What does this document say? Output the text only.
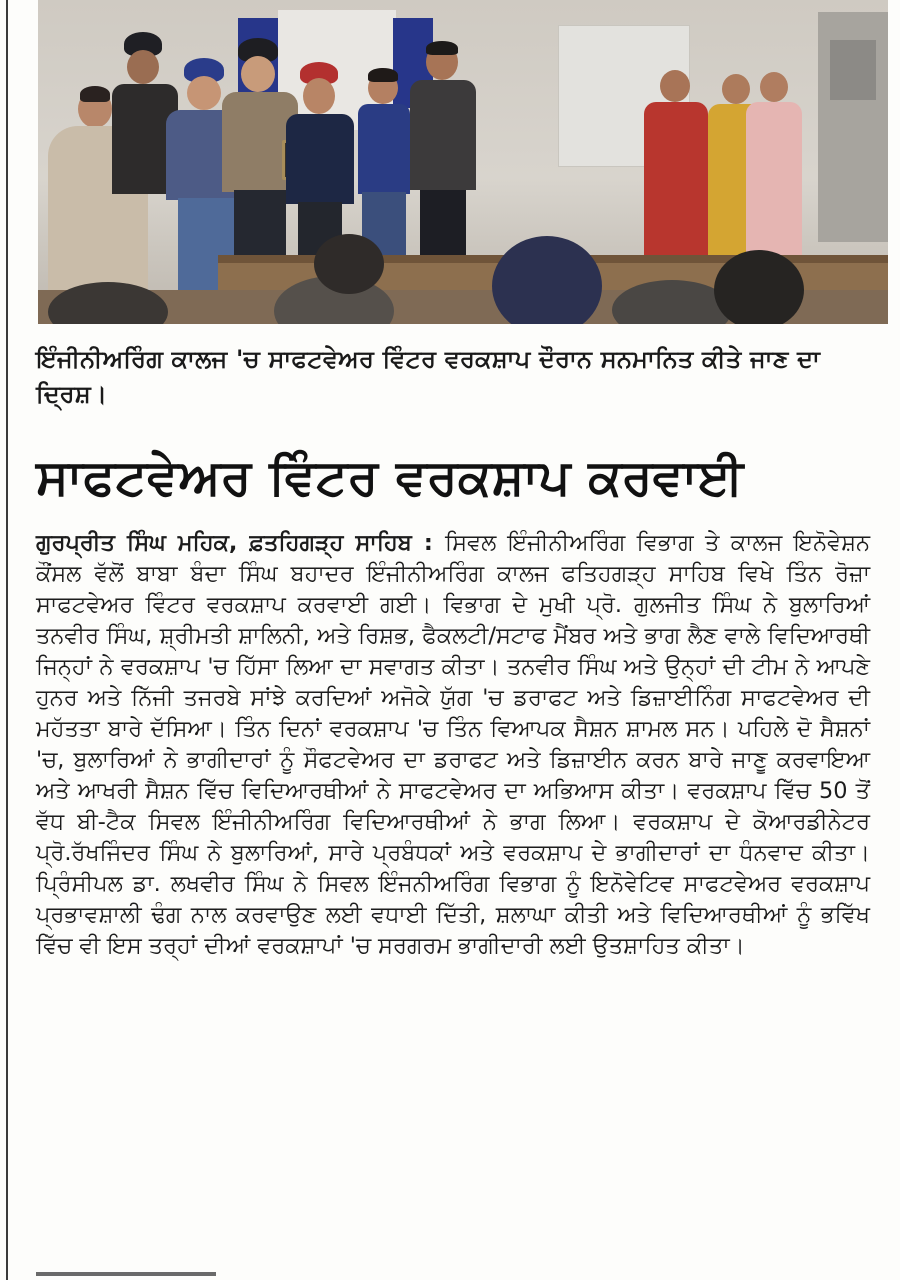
ਇੰਜੀਨੀਅਰਿੰਗ ਕਾਲਜ 'ਚ ਸਾਫਟਵੇਅਰ ਵਿੰਟਰ ਵਰਕਸ਼ਾਪ ਦੌਰਾਨ ਸਨਮਾਨਿਤ ਕੀਤੇ ਜਾਣ ਦਾ ਦ੍ਰਿਸ਼।
ਸਾਫਟਵੇਅਰ ਵਿੰਟਰ ਵਰਕਸ਼ਾਪ ਕਰਵਾਈ
ਗੁਰਪ੍ਰੀਤ ਸਿੰਘ ਮਹਿਕ, ਫ਼ਤਹਿਗੜ੍ਹ ਸਾਹਿਬ : ਸਿਵਲ ਇੰਜੀਨੀਅਰਿੰਗ ਵਿਭਾਗ ਤੇ ਕਾਲਜ ਇਨੋਵੇਸ਼ਨ ਕੌਂਸਲ ਵੱਲੋਂ ਬਾਬਾ ਬੰਦਾ ਸਿੰਘ ਬਹਾਦਰ ਇੰਜੀਨੀਅਰਿੰਗ ਕਾਲਜ ਫਤਿਹਗੜ੍ਹ ਸਾਹਿਬ ਵਿਖੇ ਤਿੰਨ ਰੋਜ਼ਾ ਸਾਫਟਵੇਅਰ ਵਿੰਟਰ ਵਰਕਸ਼ਾਪ ਕਰਵਾਈ ਗਈ। ਵਿਭਾਗ ਦੇ ਮੁਖੀ ਪ੍ਰੋ. ਗੁਲਜੀਤ ਸਿੰਘ ਨੇ ਬੁਲਾਰਿਆਂ ਤਨਵੀਰ ਸਿੰਘ, ਸ਼੍ਰੀਮਤੀ ਸ਼ਾਲਿਨੀ, ਅਤੇ ਰਿਸ਼ਭ, ਫੈਕਲਟੀ/ਸਟਾਫ ਮੈਂਬਰ ਅਤੇ ਭਾਗ ਲੈਣ ਵਾਲੇ ਵਿਦਿਆਰਥੀ ਜਿਨ੍ਹਾਂ ਨੇ ਵਰਕਸ਼ਾਪ 'ਚ ਹਿੱਸਾ ਲਿਆ ਦਾ ਸਵਾਗਤ ਕੀਤਾ। ਤਨਵੀਰ ਸਿੰਘ ਅਤੇ ਉਨ੍ਹਾਂ ਦੀ ਟੀਮ ਨੇ ਆਪਣੇ ਹੁਨਰ ਅਤੇ ਨਿੱਜੀ ਤਜਰਬੇ ਸਾਂਝੇ ਕਰਦਿਆਂ ਅਜੋਕੇ ਯੁੱਗ 'ਚ ਡਰਾਫਟ ਅਤੇ ਡਿਜ਼ਾਈਨਿੰਗ ਸਾਫਟਵੇਅਰ ਦੀ ਮਹੱਤਤਾ ਬਾਰੇ ਦੱਸਿਆ। ਤਿੰਨ ਦਿਨਾਂ ਵਰਕਸ਼ਾਪ 'ਚ ਤਿੰਨ ਵਿਆਪਕ ਸੈਸ਼ਨ ਸ਼ਾਮਲ ਸਨ। ਪਹਿਲੇ ਦੋ ਸੈਸ਼ਨਾਂ 'ਚ, ਬੁਲਾਰਿਆਂ ਨੇ ਭਾਗੀਦਾਰਾਂ ਨੂੰ ਸੌਫਟਵੇਅਰ ਦਾ ਡਰਾਫਟ ਅਤੇ ਡਿਜ਼ਾਈਨ ਕਰਨ ਬਾਰੇ ਜਾਣੂ ਕਰਵਾਇਆ ਅਤੇ ਆਖਰੀ ਸੈਸ਼ਨ ਵਿੱਚ ਵਿਦਿਆਰਥੀਆਂ ਨੇ ਸਾਫਟਵੇਅਰ ਦਾ ਅਭਿਆਸ ਕੀਤਾ। ਵਰਕਸ਼ਾਪ ਵਿੱਚ 50 ਤੋਂ ਵੱਧ ਬੀ-ਟੈਕ ਸਿਵਲ ਇੰਜੀਨੀਅਰਿੰਗ ਵਿਦਿਆਰਥੀਆਂ ਨੇ ਭਾਗ ਲਿਆ। ਵਰਕਸ਼ਾਪ ਦੇ ਕੋਆਰਡੀਨੇਟਰ ਪ੍ਰੋ.ਰੱਖਜਿੰਦਰ ਸਿੰਘ ਨੇ ਬੁਲਾਰਿਆਂ, ਸਾਰੇ ਪ੍ਰਬੰਧਕਾਂ ਅਤੇ ਵਰਕਸ਼ਾਪ ਦੇ ਭਾਗੀਦਾਰਾਂ ਦਾ ਧੰਨਵਾਦ ਕੀਤਾ। ਪ੍ਰਿੰਸੀਪਲ ਡਾ. ਲਖਵੀਰ ਸਿੰਘ ਨੇ ਸਿਵਲ ਇੰਜਨੀਅਰਿੰਗ ਵਿਭਾਗ ਨੂੰ ਇਨੋਵੇਟਿਵ ਸਾਫਟਵੇਅਰ ਵਰਕਸ਼ਾਪ ਪ੍ਰਭਾਵਸ਼ਾਲੀ ਢੰਗ ਨਾਲ ਕਰਵਾਉਣ ਲਈ ਵਧਾਈ ਦਿੱਤੀ, ਸ਼ਲਾਘਾ ਕੀਤੀ ਅਤੇ ਵਿਦਿਆਰਥੀਆਂ ਨੂੰ ਭਵਿੱਖ ਵਿੱਚ ਵੀ ਇਸ ਤਰ੍ਹਾਂ ਦੀਆਂ ਵਰਕਸ਼ਾਪਾਂ 'ਚ ਸਰਗਰਮ ਭਾਗੀਦਾਰੀ ਲਈ ਉਤਸ਼ਾਹਿਤ ਕੀਤਾ।
